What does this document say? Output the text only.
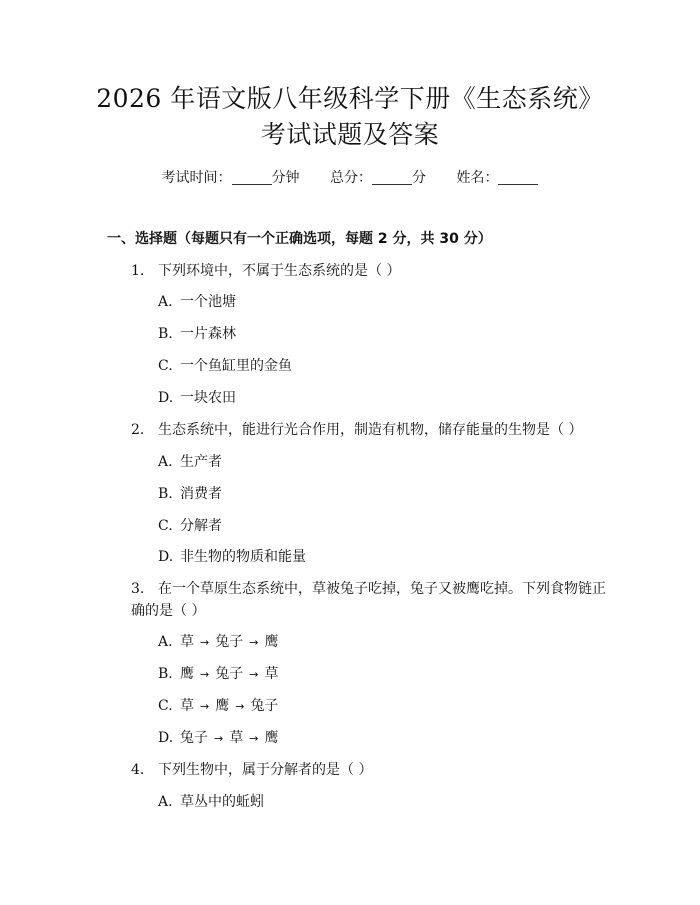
2026 年语文版八年级科学下册《生态系统》
考试试题及答案
考试时间：	分钟 总分：	分 姓名：
一、选择题（每题只有一个正确选项，每题 2 分，共 30 分）
1. 下列环境中，不属于生态系统的是（ ）
A. 一个池塘
B. 一片森林
C. 一个鱼缸里的金鱼
D. 一块农田
2. 生态系统中，能进行光合作用，制造有机物，储存能量的生物是（ ）
A. 生产者
B. 消费者
C. 分解者
D. 非生物的物质和能量
3. 在一个草原生态系统中，草被兔子吃掉，兔子又被鹰吃掉。下列食物链正
确的是（ ）
A. 草 → 兔子 → 鹰
B. 鹰 → 兔子 → 草
C. 草 → 鹰 → 兔子
D. 兔子 → 草 → 鹰
4. 下列生物中，属于分解者的是（ ）
A. 草丛中的蚯蚓
